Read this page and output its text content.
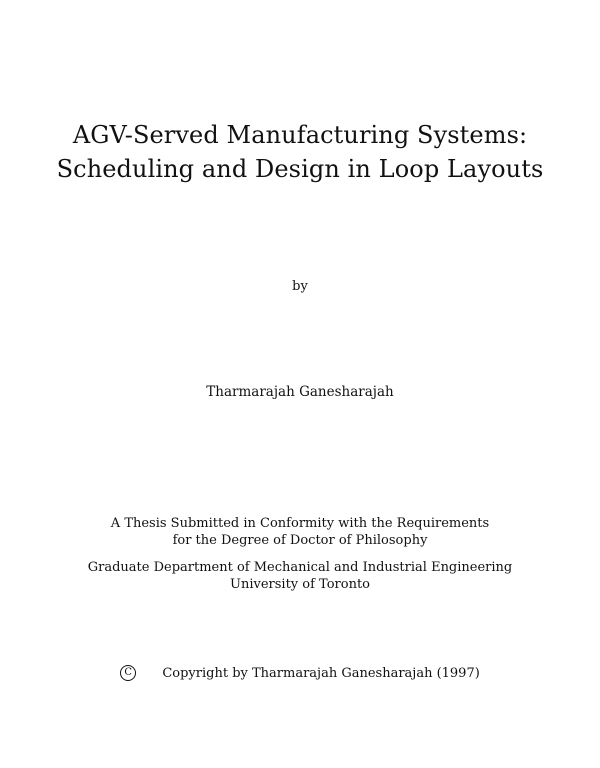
AGV-Served Manufacturing Systems:
Scheduling and Design in Loop Layouts
by
Tharmarajah Ganesharajah
A Thesis Submitted in Conformity with the Requirements
for the Degree of Doctor of Philosophy
Graduate Department of Mechanical and Industrial Engineering
University of Toronto
C Copyright by Tharmarajah Ganesharajah (1997)
